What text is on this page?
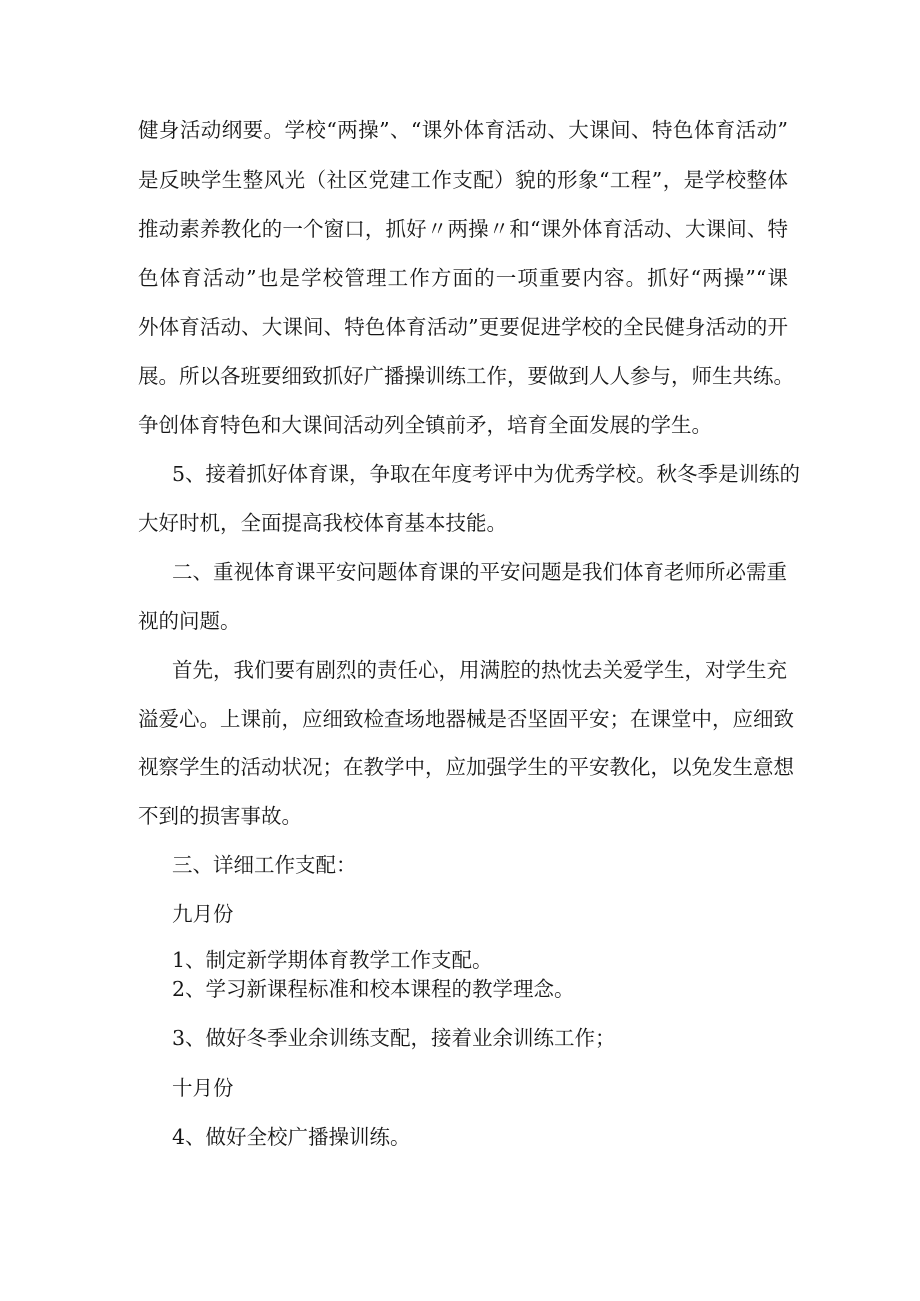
健身活动纲要。学校“两操”、“课外体育活动、大课间、特色体育活动”
是反映学生整风光（社区党建工作支配）貌的形象“工程”，是学校整体
推动素养教化的一个窗口，抓好〃两操〃和“课外体育活动、大课间、特
色体育活动”也是学校管理工作方面的一项重要内容。抓好“两操”“课
外体育活动、大课间、特色体育活动”更要促进学校的全民健身活动的开
展。所以各班要细致抓好广播操训练工作，要做到人人参与，师生共练。
争创体育特色和大课间活动列全镇前矛，培育全面发展的学生。
5、接着抓好体育课，争取在年度考评中为优秀学校。秋冬季是训练的
大好时机，全面提高我校体育基本技能。
二、重视体育课平安问题体育课的平安问题是我们体育老师所必需重
视的问题。
首先，我们要有剧烈的责任心，用满腔的热忱去关爱学生，对学生充
溢爱心。上课前，应细致检查场地器械是否坚固平安；在课堂中，应细致
视察学生的活动状况；在教学中，应加强学生的平安教化，以免发生意想
不到的损害事故。
三、详细工作支配：
九月份
1、制定新学期体育教学工作支配。
2、学习新课程标准和校本课程的教学理念。
3、做好冬季业余训练支配，接着业余训练工作；
十月份
4、做好全校广播操训练。
